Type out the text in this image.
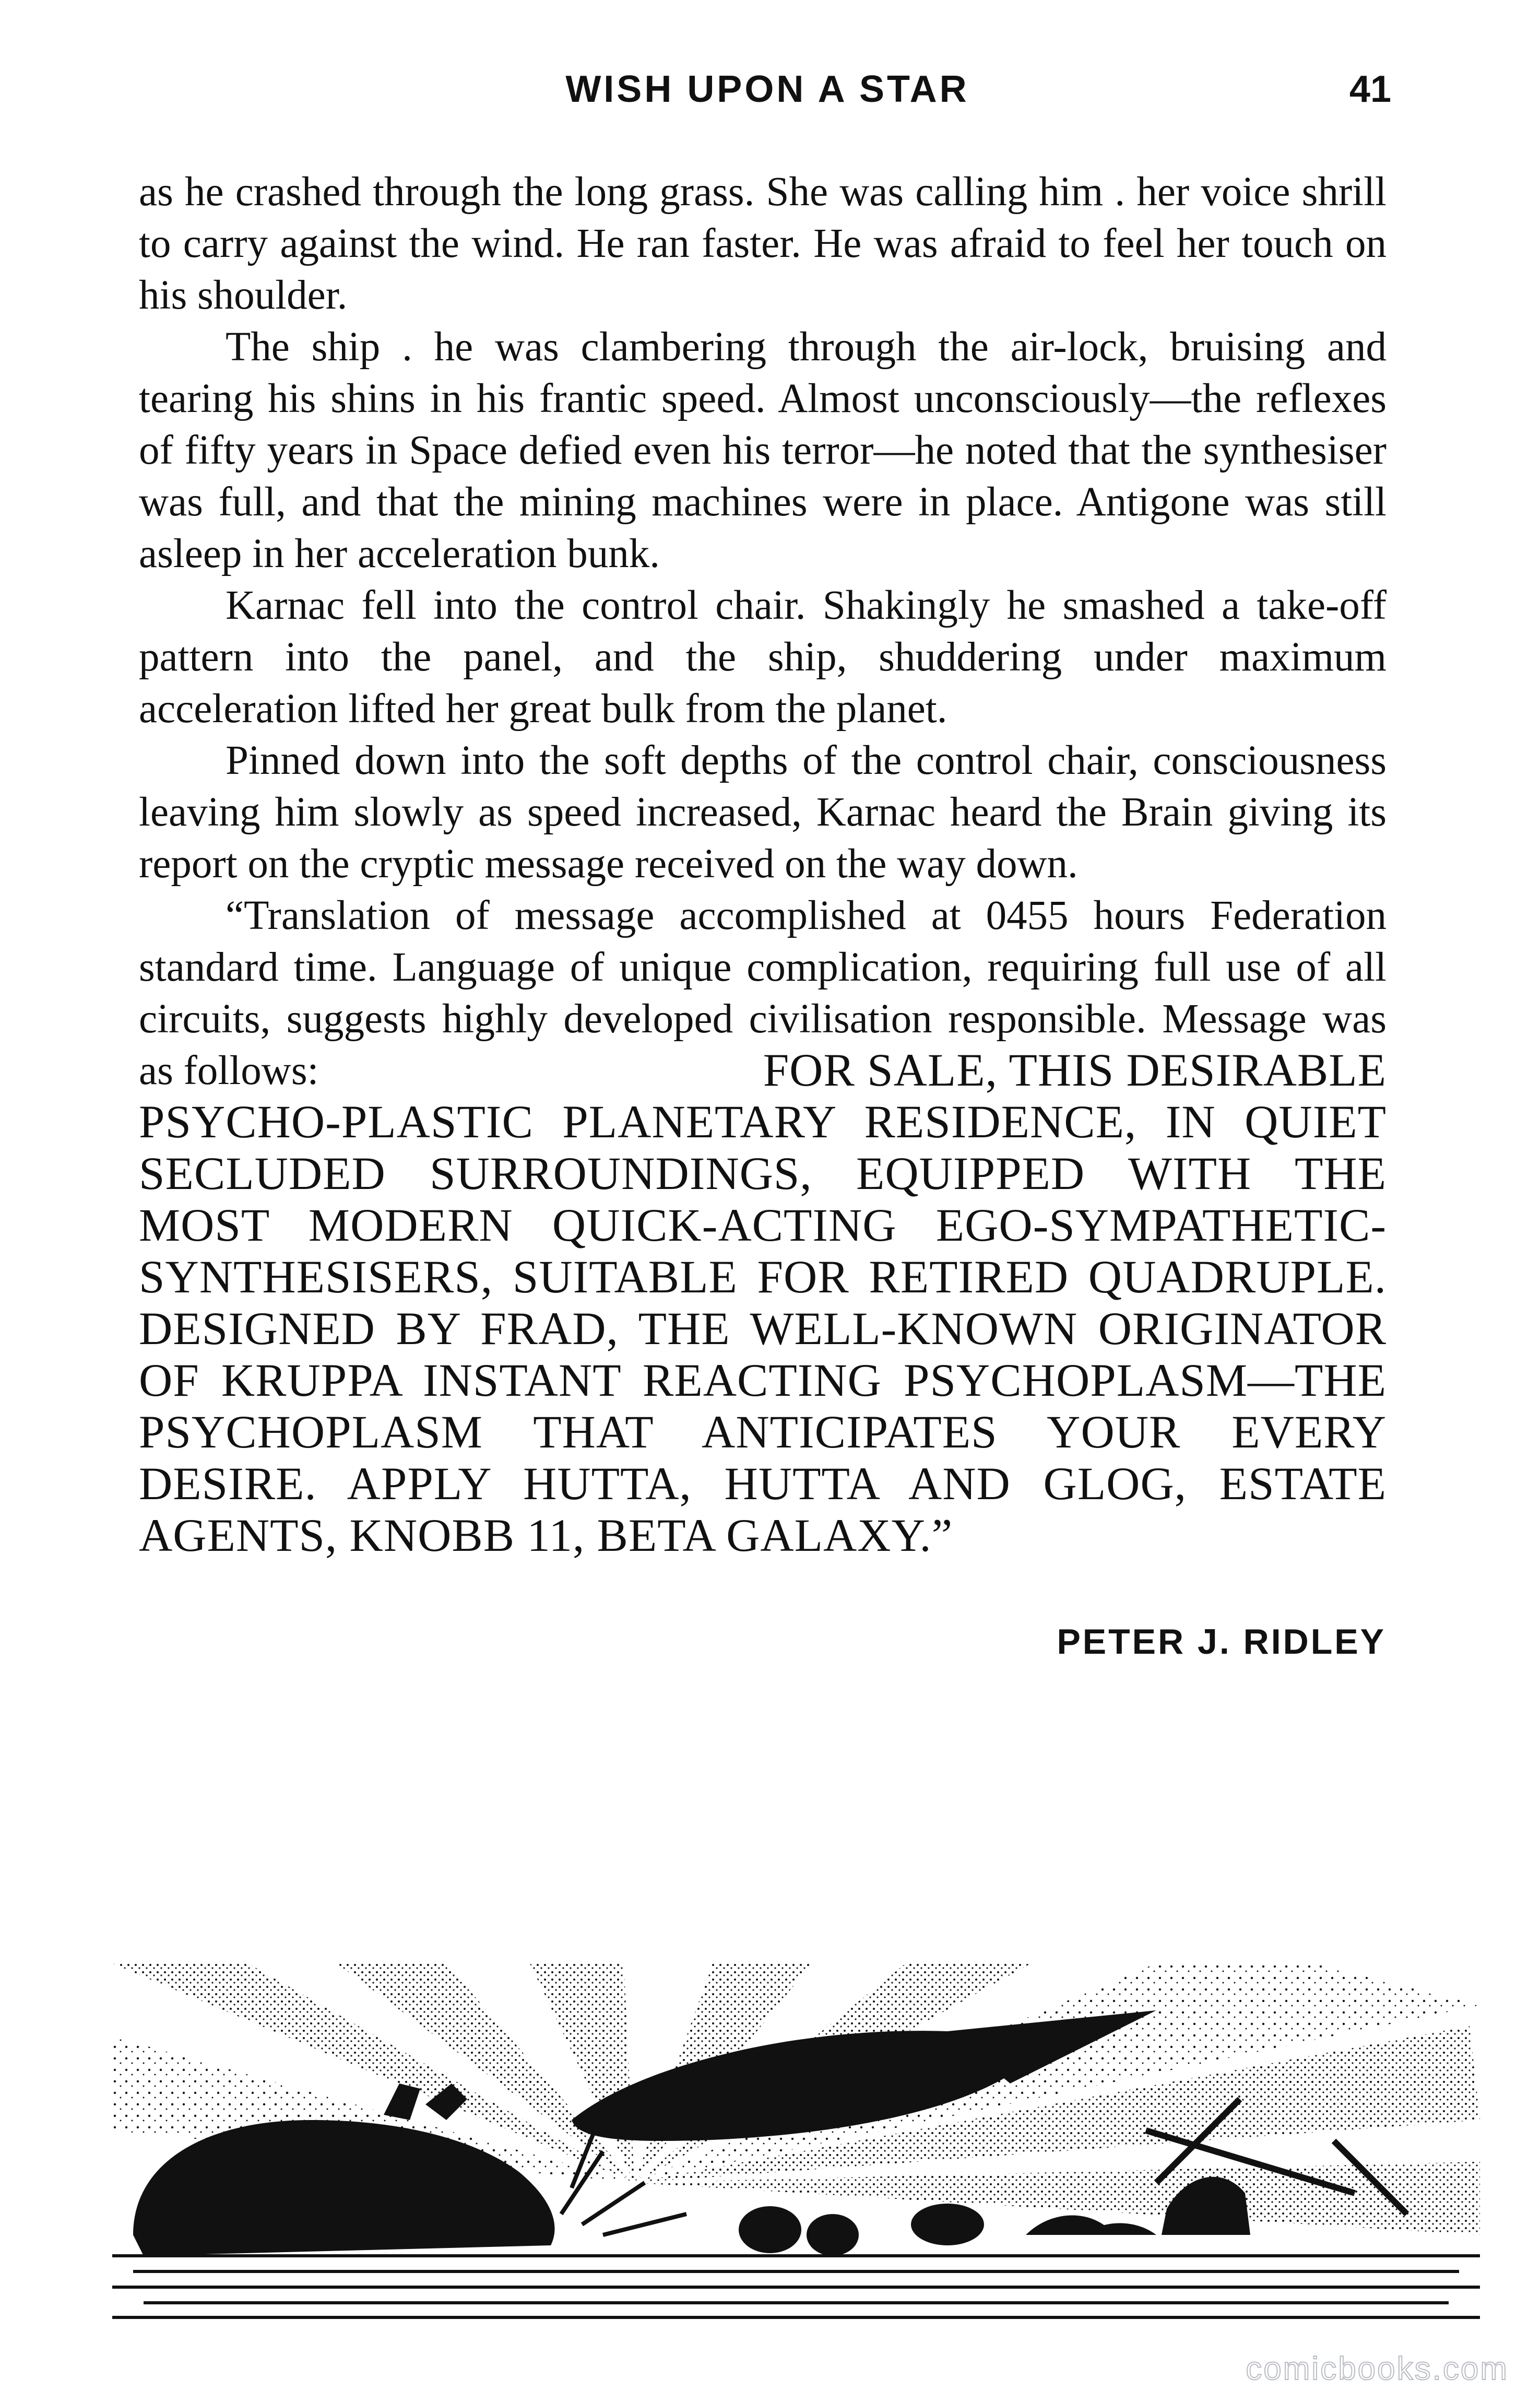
WISH UPON A STAR	41

as he crashed through the long grass. She was calling him . her voice shrill to carry against the wind. He ran faster. He was afraid to feel her touch on his shoulder.

The ship . he was clambering through the air-lock, bruising and tearing his shins in his frantic speed. Almost unconsciously—the reflexes of fifty years in Space defied even his terror—he noted that the synthesiser was full, and that the mining machines were in place. Antigone was still asleep in her acceleration bunk.

Karnac fell into the control chair. Shakingly he smashed a take-off pattern into the panel, and the ship, shuddering under maximum acceleration lifted her great bulk from the planet.

Pinned down into the soft depths of the control chair, consciousness leaving him slowly as speed increased, Karnac heard the Brain giving its report on the cryptic message received on the way down.

“Translation of message accomplished at 0455 hours Federation standard time. Language of unique complication, requiring full use of all circuits, suggests highly developed civilisation responsible. Message was as follows:	FOR SALE, THIS DESIRABLE
PSYCHO-PLASTIC PLANETARY RESIDENCE, IN QUIET
SECLUDED SURROUNDINGS, EQUIPPED WITH THE
MOST MODERN QUICK-ACTING EGO-SYMPATHETIC-
SYNTHESISERS, SUITABLE FOR RETIRED QUADRUPLE.
DESIGNED BY FRAD, THE WELL-KNOWN ORIGINATOR
OF KRUPPA INSTANT REACTING PSYCHOPLASM—THE
PSYCHOPLASM THAT ANTICIPATES YOUR EVERY
DESIRE. APPLY HUTTA, HUTTA AND GLOG, ESTATE
AGENTS, KNOBB 11, BETA GALAXY.”
PETER J. RIDLEY
comicbooks.com
